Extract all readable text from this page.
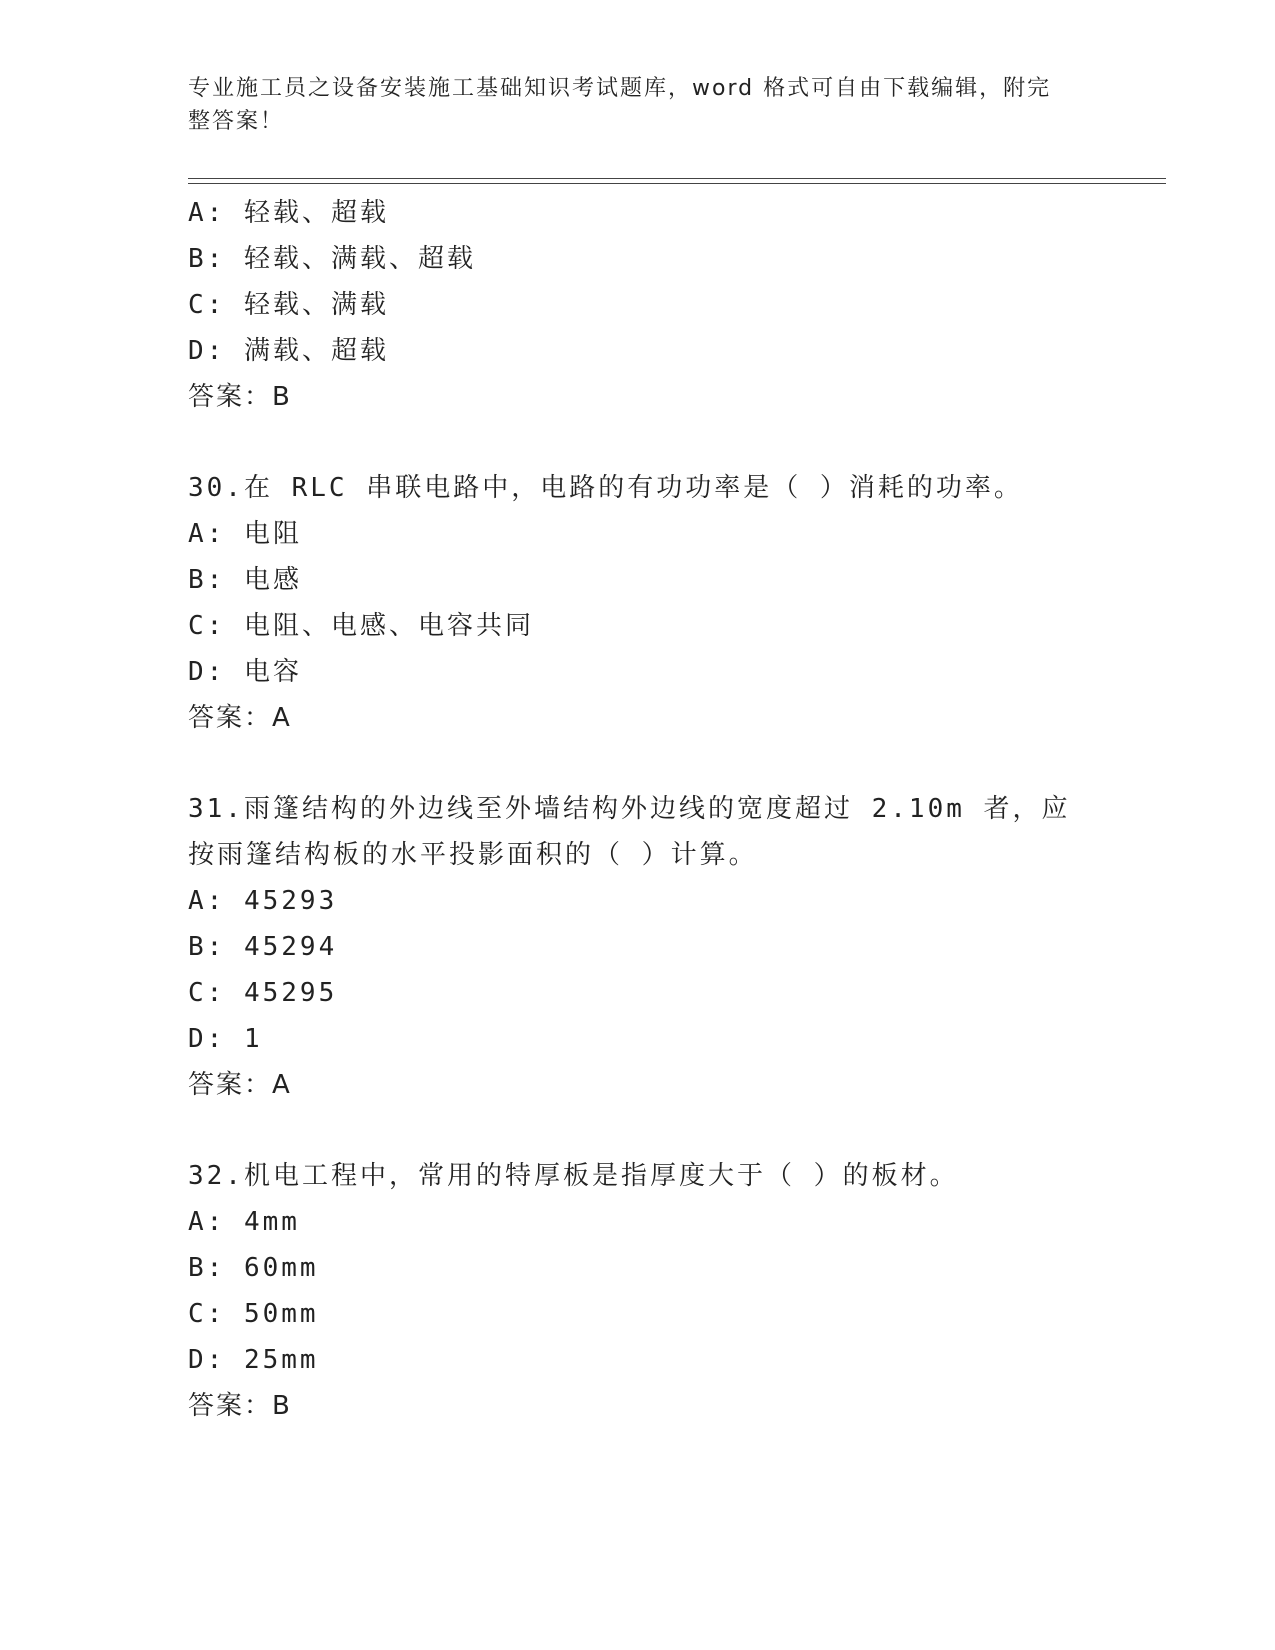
专业施工员之设备安装施工基础知识考试题库，word 格式可自由下载编辑，附完整答案！
A: 轻载、超载
B: 轻载、满载、超载
C: 轻载、满载
D: 满载、超载
答案：B
30.在 RLC 串联电路中，电路的有功功率是（ ）消耗的功率。
A: 电阻
B: 电感
C: 电阻、电感、电容共同
D: 电容
答案：A
31.雨篷结构的外边线至外墙结构外边线的宽度超过 2.10m 者，应按雨篷结构板的水平投影面积的（ ）计算。
A: 45293
B: 45294
C: 45295
D: 1
答案：A
32.机电工程中，常用的特厚板是指厚度大于（ ）的板材。
A: 4mm
B: 60mm
C: 50mm
D: 25mm
答案：B
